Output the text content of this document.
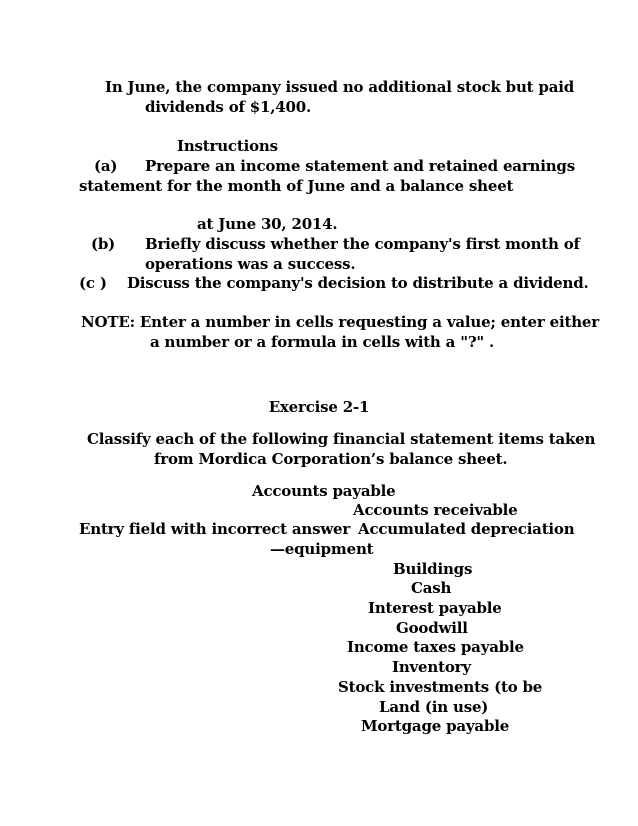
In June, the company issued no additional stock but paid
dividends of $1,400.
Instructions
(a) Prepare an income statement and retained earnings
statement for the month of June and a balance sheet
at June 30, 2014.
(b) Briefly discuss whether the company's first month of
operations was a success.
(c ) Discuss the company's decision to distribute a dividend.
NOTE: Enter a number in cells requesting a value; enter either
a number or a formula in cells with a "?" .
Exercise 2-1
Classify each of the following financial statement items taken
from Mordica Corporation’s balance sheet.
Accounts payable
Accounts receivable
Entry field with incorrect answer Accumulated depreciation
—equipment
Buildings
Cash
Interest payable
Goodwill
Income taxes payable
Inventory
Stock investments (to be
Land (in use)
Mortgage payable
